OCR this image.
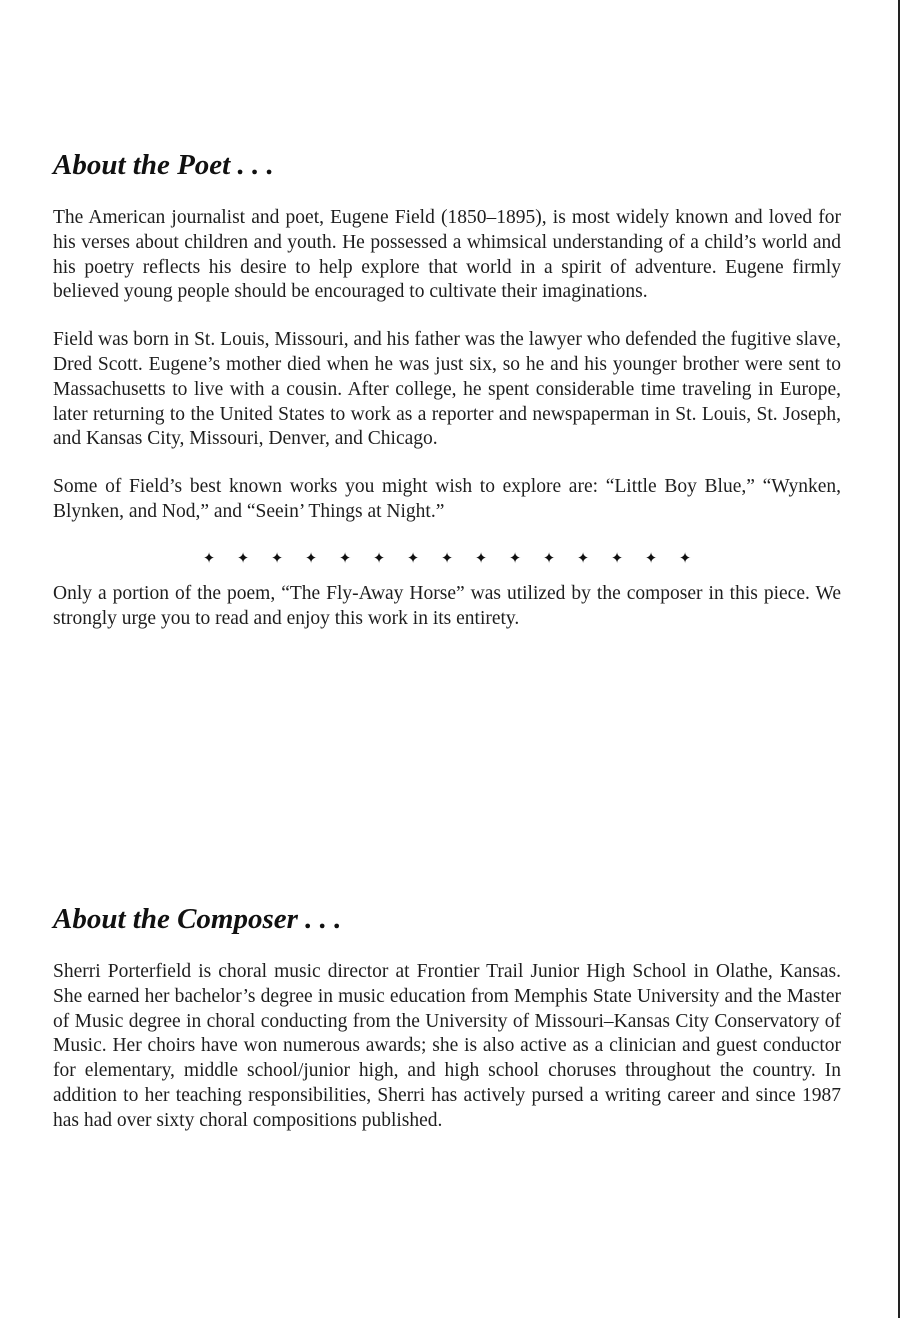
About the Poet . . .

The American journalist and poet, Eugene Field (1850–1895), is most widely known and loved for his verses about children and youth. He possessed a whimsical understanding of a child’s world and his poetry reflects his desire to help explore that world in a spirit of adventure. Eugene firmly believed young people should be encouraged to cultivate their imaginations.

Field was born in St. Louis, Missouri, and his father was the lawyer who defended the fugitive slave, Dred Scott. Eugene’s mother died when he was just six, so he and his younger brother were sent to Massachusetts to live with a cousin. After college, he spent considerable time traveling in Europe, later returning to the United States to work as a reporter and newspaperman in St. Louis, St. Joseph, and Kansas City, Missouri, Denver, and Chicago.

Some of Field’s best known works you might wish to explore are: “Little Boy Blue,” “Wynken, Blynken, and Nod,” and “Seein’ Things at Night.”

✦ ✦ ✦ ✦ ✦ ✦ ✦ ✦ ✦ ✦ ✦ ✦ ✦ ✦ ✦

Only a portion of the poem, “The Fly-Away Horse” was utilized by the composer in this piece. We strongly urge you to read and enjoy this work in its entirety.

About the Composer . . .

Sherri Porterfield is choral music director at Frontier Trail Junior High School in Olathe, Kansas. She earned her bachelor’s degree in music education from Memphis State University and the Master of Music degree in choral conducting from the University of Missouri–Kansas City Conservatory of Music. Her choirs have won numerous awards; she is also active as a clinician and guest conductor for elementary, middle school/junior high, and high school choruses throughout the country. In addition to her teaching responsibilities, Sherri has actively pursed a writing career and since 1987 has had over sixty choral compositions published.
